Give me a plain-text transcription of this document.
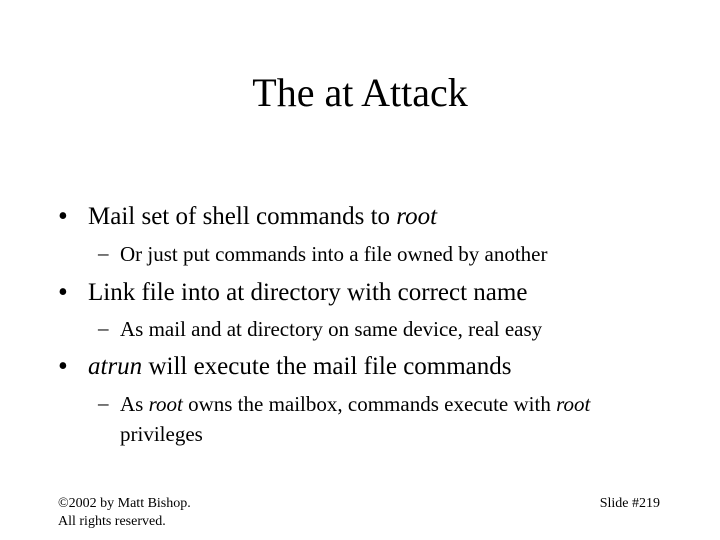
The at Attack
• Mail set of shell commands to root
– Or just put commands into a file owned by another
• Link file into at directory with correct name
– As mail and at directory on same device, real easy
• atrun will execute the mail file commands
– As root owns the mailbox, commands execute with root
privileges
©2002 by Matt Bishop.
All rights reserved.
Slide #219
